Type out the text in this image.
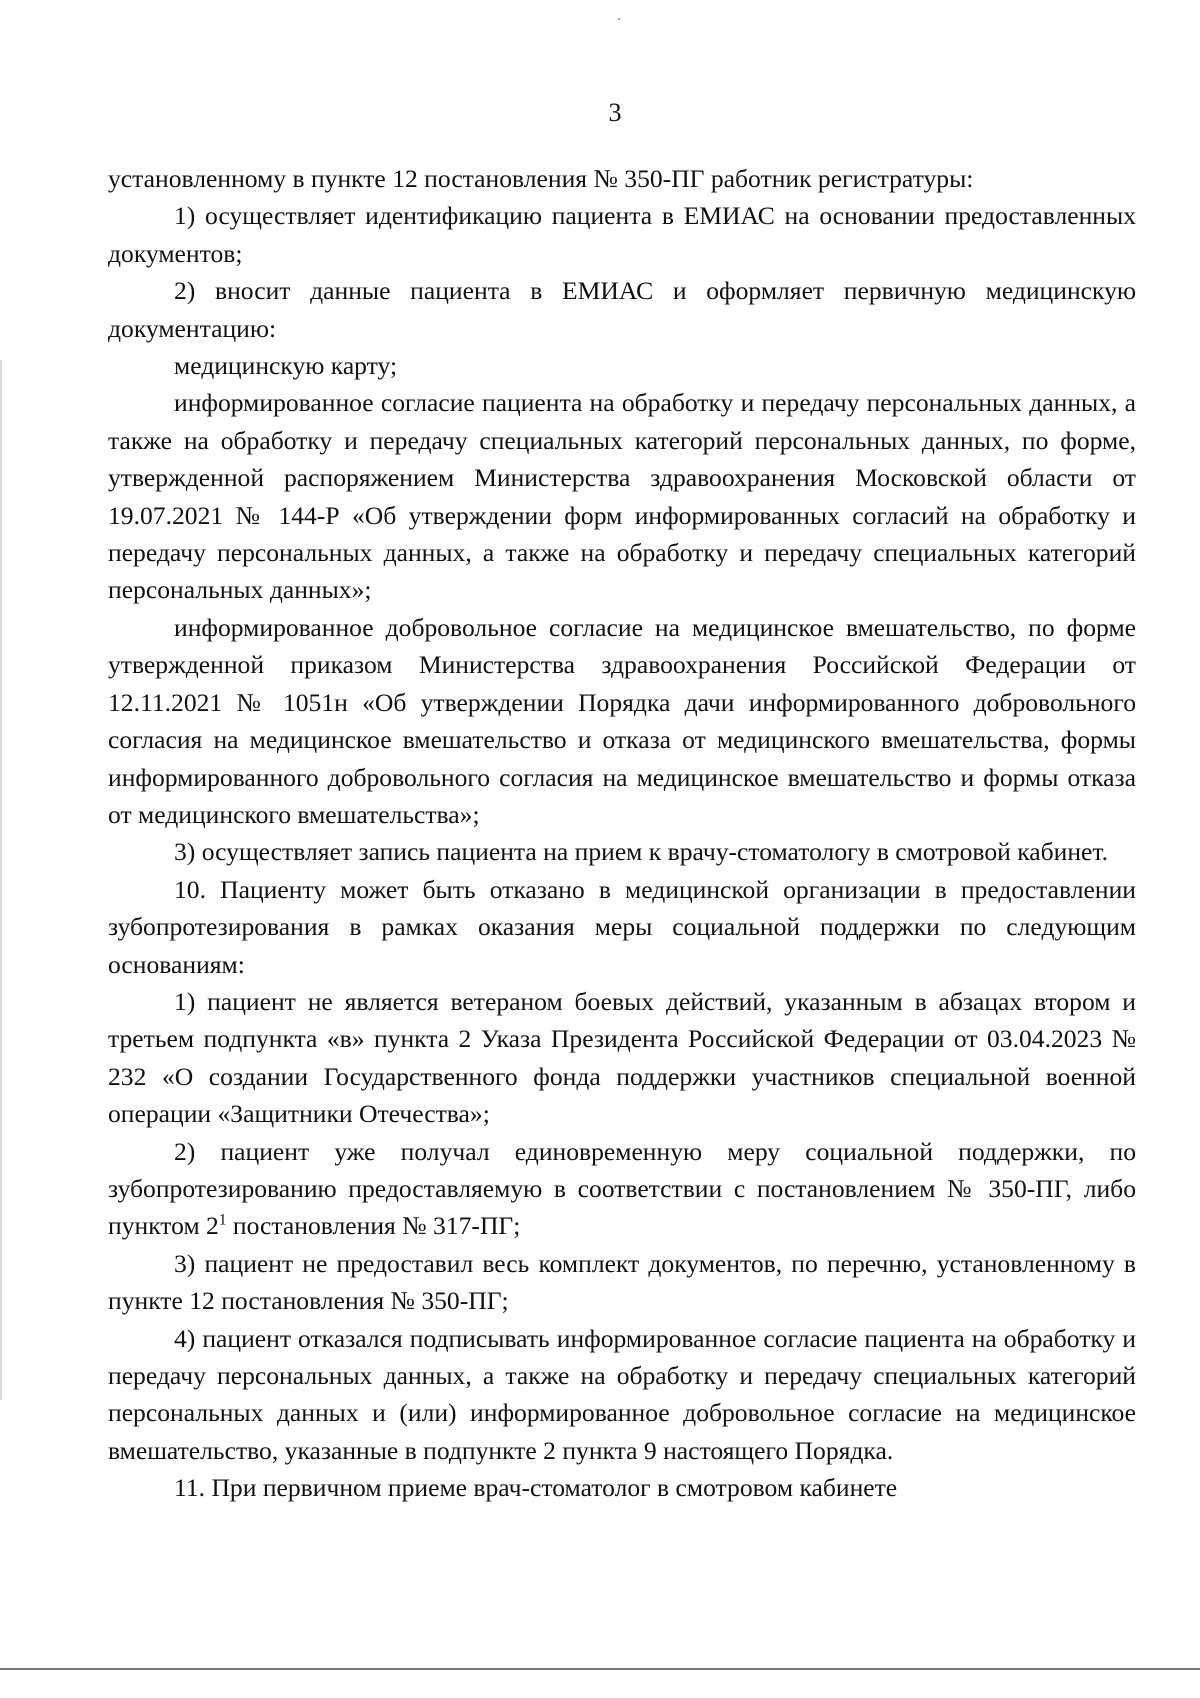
3

установленному в пункте 12 постановления № 350-ПГ работник регистратуры:

1) осуществляет идентификацию пациента в ЕМИАС на основании предоставленных документов;

2) вносит данные пациента в ЕМИАС и оформляет первичную медицинскую документацию:

медицинскую карту;

информированное согласие пациента на обработку и передачу персональных данных, а также на обработку и передачу специальных категорий персональных данных, по форме, утвержденной распоряжением Министерства здравоохранения Московской области от 19.07.2021 № 144-Р «Об утверждении форм информированных согласий на обработку и передачу персональных данных, а также на обработку и передачу специальных категорий персональных данных»;

информированное добровольное согласие на медицинское вмешательство, по форме утвержденной приказом Министерства здравоохранения Российской Федерации от 12.11.2021 № 1051н «Об утверждении Порядка дачи информированного добровольного согласия на медицинское вмешательство и отказа от медицинского вмешательства, формы информированного добровольного согласия на медицинское вмешательство и формы отказа от медицинского вмешательства»;

3) осуществляет запись пациента на прием к врачу-стоматологу в смотровой кабинет.

10. Пациенту может быть отказано в медицинской организации в предоставлении зубопротезирования в рамках оказания меры социальной поддержки по следующим основаниям:

1) пациент не является ветераном боевых действий, указанным в абзацах втором и третьем подпункта «в» пункта 2 Указа Президента Российской Федерации от 03.04.2023 № 232 «О создании Государственного фонда поддержки участников специальной военной операции «Защитники Отечества»;

2) пациент уже получал единовременную меру социальной поддержки, по зубопротезированию предоставляемую в соответствии с постановлением № 350-ПГ, либо пунктом $2^1$ постановления № 317-ПГ;

3) пациент не предоставил весь комплект документов, по перечню, установленному в пункте 12 постановления № 350-ПГ;

4) пациент отказался подписывать информированное согласие пациента на обработку и передачу персональных данных, а также на обработку и передачу специальных категорий персональных данных и (или) информированное добровольное согласие на медицинское вмешательство, указанные в подпункте 2 пункта 9 настоящего Порядка.

11. При первичном приеме врач-стоматолог в смотровом кабинете
